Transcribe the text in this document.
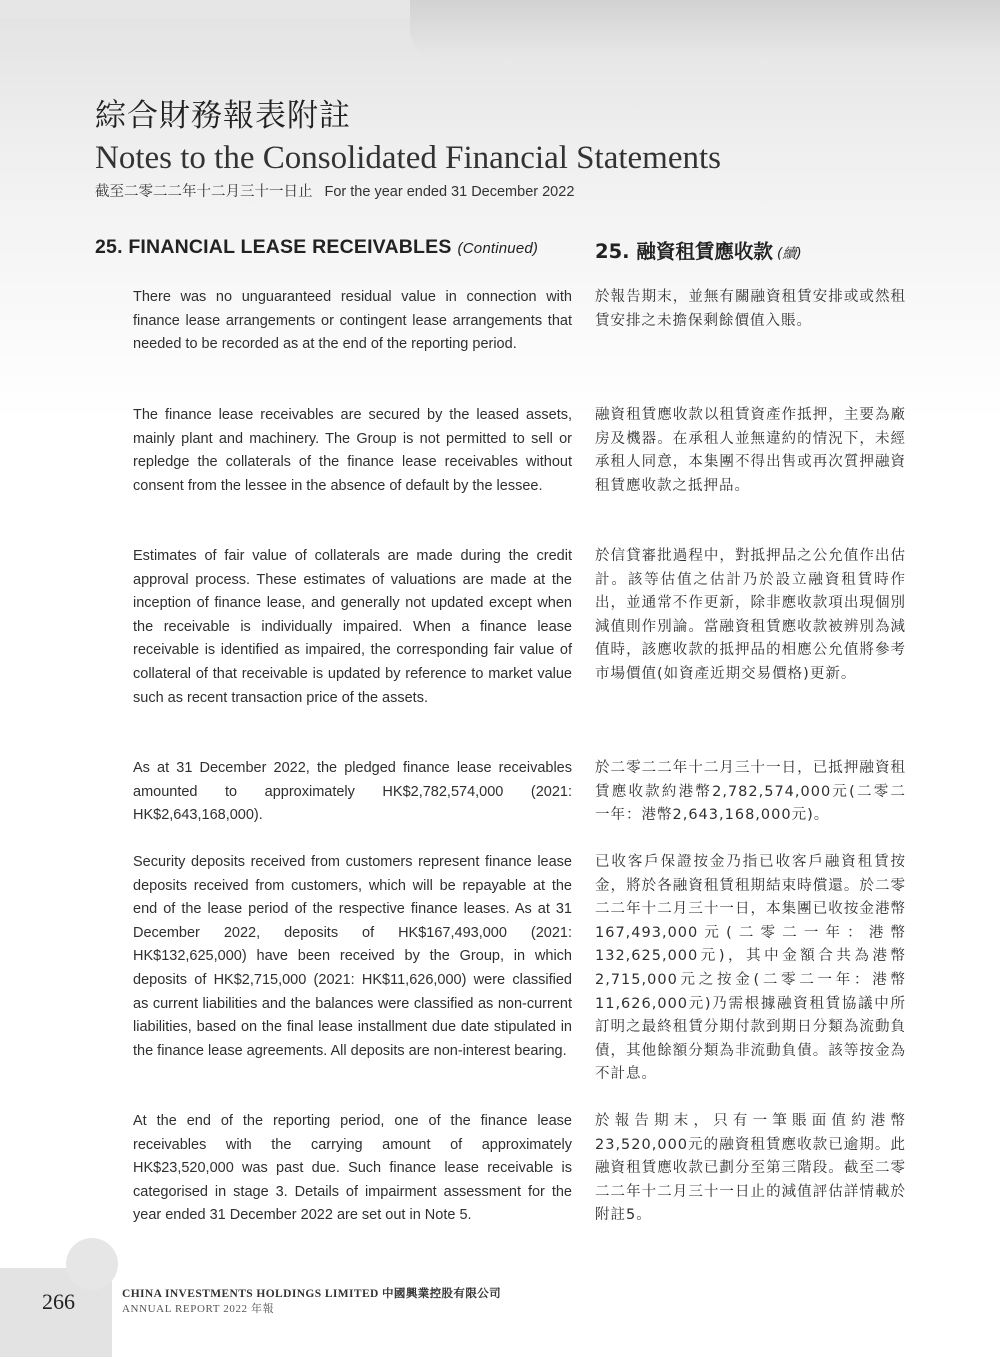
綜合財務報表附註
Notes to the Consolidated Financial Statements
截至二零二二年十二月三十一日止 For the year ended 31 December 2022
25. FINANCIAL LEASE RECEIVABLES (Continued)	25. 融資租賃應收款 (續)
There was no unguaranteed residual value in connection with finance lease arrangements or contingent lease arrangements that needed to be recorded as at the end of the reporting period.
於報告期末，並無有關融資租賃安排或或然租賃安排之未擔保剩餘價值入賬。
The finance lease receivables are secured by the leased assets, mainly plant and machinery. The Group is not permitted to sell or repledge the collaterals of the finance lease receivables without consent from the lessee in the absence of default by the lessee.
融資租賃應收款以租賃資產作抵押，主要為廠房及機器。在承租人並無違約的情況下，未經承租人同意，本集團不得出售或再次質押融資租賃應收款之抵押品。
Estimates of fair value of collaterals are made during the credit approval process. These estimates of valuations are made at the inception of finance lease, and generally not updated except when the receivable is individually impaired. When a finance lease receivable is identified as impaired, the corresponding fair value of collateral of that receivable is updated by reference to market value such as recent transaction price of the assets.
於信貸審批過程中，對抵押品之公允值作出估計。該等估值之估計乃於設立融資租賃時作出，並通常不作更新，除非應收款項出現個別減值則作別論。當融資租賃應收款被辨別為減值時，該應收款的抵押品的相應公允值將參考市場價值(如資產近期交易價格)更新。
As at 31 December 2022, the pledged finance lease receivables amounted to approximately HK$2,782,574,000 (2021: HK$2,643,168,000).
於二零二二年十二月三十一日，已抵押融資租賃應收款約港幣2,782,574,000元(二零二一年：港幣2,643,168,000元)。
Security deposits received from customers represent finance lease deposits received from customers, which will be repayable at the end of the lease period of the respective finance leases. As at 31 December 2022, deposits of HK$167,493,000 (2021: HK$132,625,000) have been received by the Group, in which deposits of HK$2,715,000 (2021: HK$11,626,000) were classified as current liabilities and the balances were classified as non-current liabilities, based on the final lease installment due date stipulated in the finance lease agreements. All deposits are non-interest bearing.
已收客戶保證按金乃指已收客戶融資租賃按金，將於各融資租賃租期結束時償還。於二零二二年十二月三十一日，本集團已收按金港幣167,493,000元(二零二一年：港幣132,625,000元)，其中金額合共為港幣2,715,000元之按金(二零二一年：港幣11,626,000元)乃需根據融資租賃協議中所訂明之最終租賃分期付款到期日分類為流動負債，其他餘額分類為非流動負債。該等按金為不計息。
At the end of the reporting period, one of the finance lease receivables with the carrying amount of approximately HK$23,520,000 was past due. Such finance lease receivable is categorised in stage 3. Details of impairment assessment for the year ended 31 December 2022 are set out in Note 5.
於報告期末，只有一筆賬面值約港幣23,520,000元的融資租賃應收款已逾期。此融資租賃應收款已劃分至第三階段。截至二零二二年十二月三十一日止的減值評估詳情載於附註5。
266	CHINA INVESTMENTS HOLDINGS LIMITED 中國興業控股有限公司
ANNUAL REPORT 2022 年報
